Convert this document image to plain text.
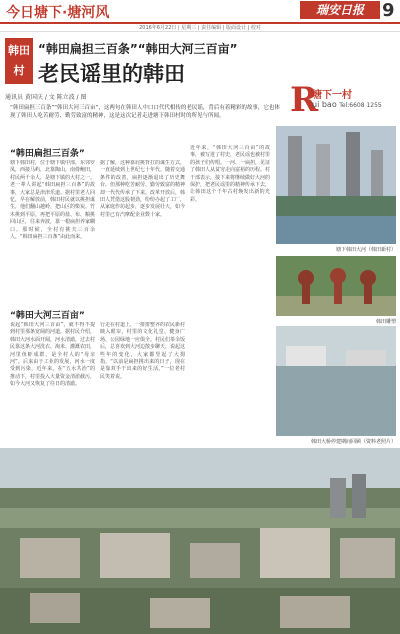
今日塘下·塘河风	瑞安日报	9
2016年6月22日 | 星期三 | 责任编辑 | 版面设计 | 校对
韩田村
“韩田扁担三百条”“韩田大河三百亩”
老民谣里的韩田
通讯员 黄国庆 / 文 陈立波 / 图	R
塘下一村
ui bao Tel:6608 1255
“韩田扁担三百条”“韩田大河三百亩”，这两句在韩田人中口口代代相传的老民谣，背后有着精彩的故事，它也体现了韩田人吃苦耐劳、勤劳致富的精神，这是这次记者走进塘下韩田村时的所见与所闻。
“韩田扁担三百条”
塘下韩田村，位于塘下镇中部，东邻罗凤，西接马屿，北靠陶山，南倚鲍田，村民两千余人，是塘下镇的大村之一。老一辈人讲起“韩田扁担三百条”的故事，大家总是津津乐道。据村里老人回忆，早在解放前，韩田村民就以挑担谋生，他们翻山越岭，把山区的柴炭、竹木挑到平原，再把平原的盐、布、粮挑回山区，往来奔波，靠一根扁担养家糊口。那时候，全村有挑夫三百余人，“韩田扁担三百条”由此而来。
据了解，这种靠肩挑背扛的谋生方式，一直延续到上世纪七十年代。随着交通条件的改善，扁担逐渐退出了历史舞台，但那种吃苦耐劳、勤劳致富的精神却一代代传承了下来。改革开放后，韩田人凭借这股韧劲，纷纷办起了工厂，从家庭作坊起步，逐步发展壮大，如今村里已有汽摩配企业数十家。
“韩田大河三百亩”
说起“韩田大河三百亩”，就不得不提到村里那条宽阔的河道。据村民介绍，韩田大河水面开阔，河水清澈，过去村民靠这条大河洗衣、淘米、灌溉农田，河里鱼虾成群，是全村人的“母亲河”。后来由于工业的发展，河水一度受到污染，近年来，在“五水共治”的推动下，村里投入大量资金清淤截污，如今大河又恢复了往日的清澈。
行走在村道上，一排排整齐的农民新村映入眼帘，村里的文化礼堂、健身广场、公园绿地一应俱全。村民们茶余饭后，总喜欢到大河边散步聊天，说起这些年的变化，大家都竖起了大拇指。“以前是扁担挑出来的日子，现在是靠双手干出来的好生活。”一位老村民笑着说。
近年来，“韩田大河三百亩”的故事，被写进了村史，老民谣也被村里的孩子们传唱。一河、一扁担，见证了韩田人从贫穷走向富裕的历程。村干部表示，接下来将继续做好大河的保护，把老民谣里的精神传承下去，让韩田这个千年古村焕发出新的光彩。
塘下韩田大河（韩田新村）
韩田雕塑
韩田大桥停建期间回顾（资料老照片）
